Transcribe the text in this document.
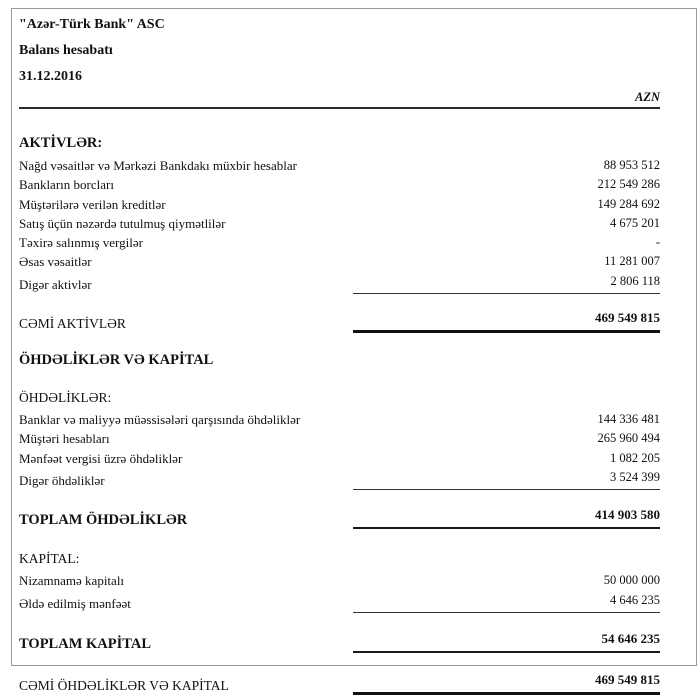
"Azər-Türk Bank" ASC
Balans hesabatı
31.12.2016
AZN
AKTİVLƏR:
Nağd vəsaitlər və Mərkəzi Bankdakı müxbir hesablar	88 953 512
Bankların borcları	212 549 286
Müştərilərə verilən kreditlər	149 284 692
Satış üçün nəzərdə tutulmuş qiymətlilər	4 675 201
Təxirə salınmış vergilər	-
Əsas vəsaitlər	11 281 007
Digər aktivlər	2 806 118
CƏMİ AKTİVLƏR	469 549 815
ÖHDƏLİKLƏR VƏ KAPİTAL
ÖHDƏLİKLƏR:
Banklar və maliyyə müəssisələri qarşısında öhdəliklər	144 336 481
Müştəri hesabları	265 960 494
Mənfəət vergisi üzrə öhdəliklər	1 082 205
Digər öhdəliklər	3 524 399
TOPLAM ÖHDƏLİKLƏR	414 903 580
KAPİTAL:
Nizamnamə kapitalı	50 000 000
Əldə edilmiş mənfəət	4 646 235
TOPLAM KAPİTAL	54 646 235
CƏMİ ÖHDƏLİKLƏR VƏ KAPİTAL	469 549 815
